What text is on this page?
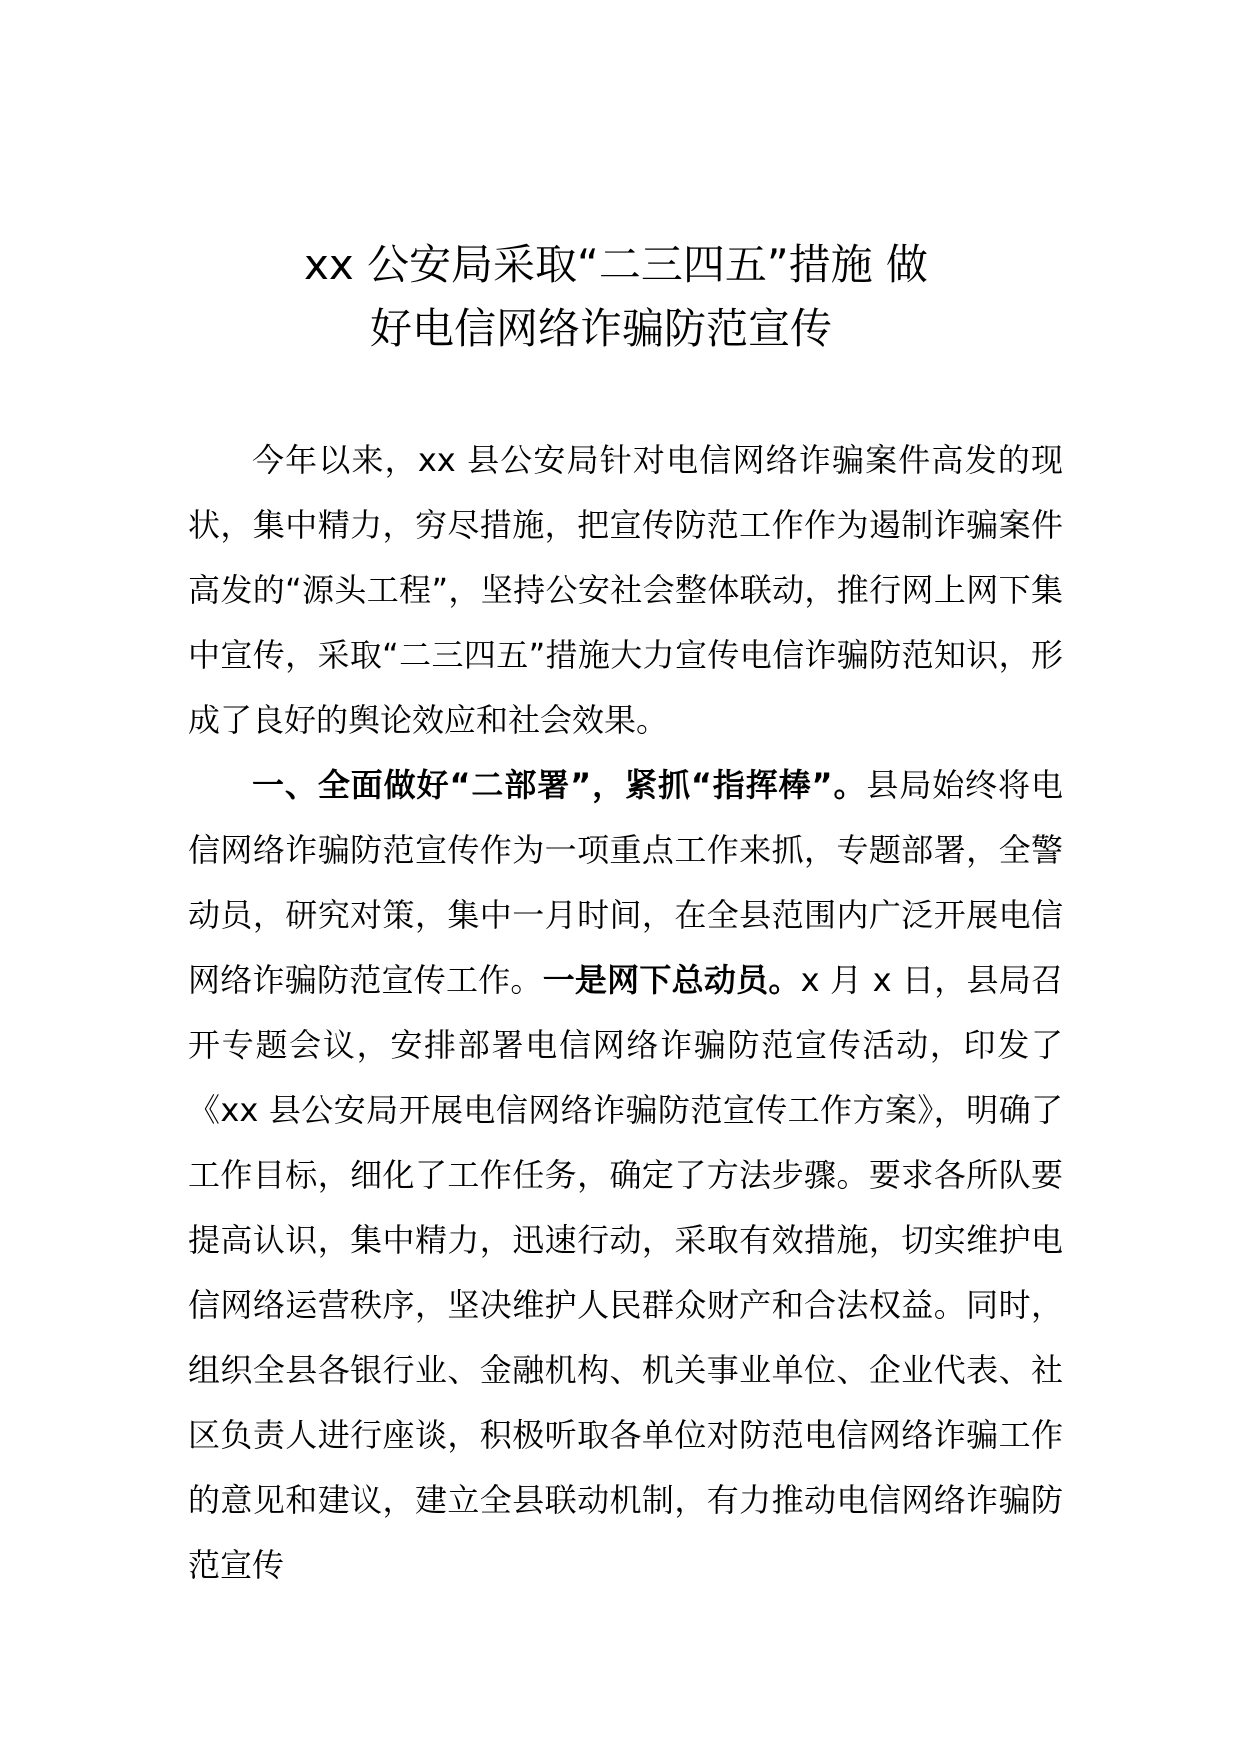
xx 公安局采取“二三四五”措施 做
好电信网络诈骗防范宣传

今年以来，xx 县公安局针对电信网络诈骗案件高发的现状，集中精力，穷尽措施，把宣传防范工作作为遏制诈骗案件高发的“源头工程”，坚持公安社会整体联动，推行网上网下集中宣传，采取“二三四五”措施大力宣传电信诈骗防范知识，形成了良好的舆论效应和社会效果。

一、全面做好“二部署”，紧抓“指挥棒”。县局始终将电信网络诈骗防范宣传作为一项重点工作来抓，专题部署，全警动员，研究对策，集中一月时间，在全县范围内广泛开展电信网络诈骗防范宣传工作。一是网下总动员。x 月 x 日，县局召开专题会议，安排部署电信网络诈骗防范宣传活动，印发了《xx 县公安局开展电信网络诈骗防范宣传工作方案》，明确了工作目标，细化了工作任务，确定了方法步骤。要求各所队要提高认识，集中精力，迅速行动，采取有效措施，切实维护电信网络运营秩序，坚决维护人民群众财产和合法权益。同时，组织全县各银行业、金融机构、机关事业单位、企业代表、社区负责人进行座谈，积极听取各单位对防范电信网络诈骗工作的意见和建议，建立全县联动机制，有力推动电信网络诈骗防范宣传
